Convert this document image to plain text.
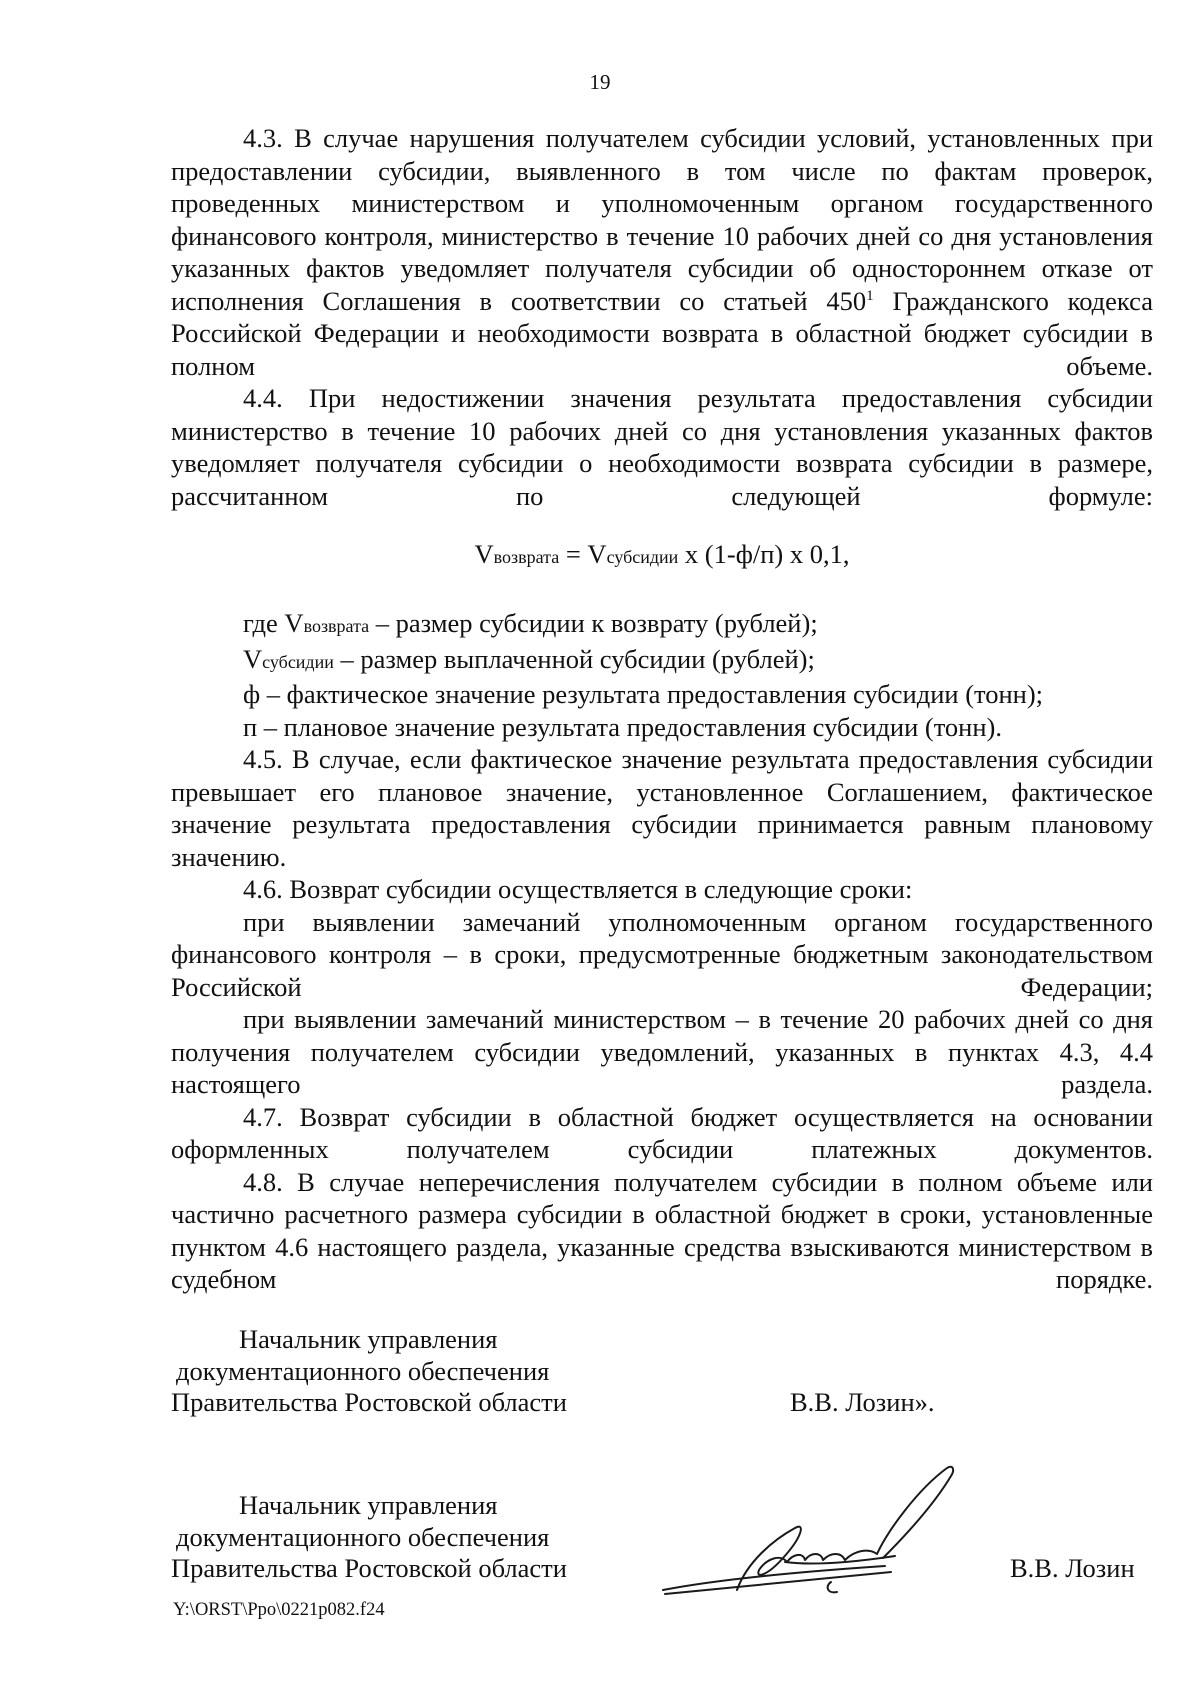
19

4.3. В случае нарушения получателем субсидии условий, установленных при предоставлении субсидии, выявленного в том числе по фактам проверок, проведенных министерством и уполномоченным органом государственного финансового контроля, министерство в течение 10 рабочих дней со дня установления указанных фактов уведомляет получателя субсидии об одностороннем отказе от исполнения Соглашения в соответствии со статьей $450^1$ Гражданского кодекса Российской Федерации и необходимости возврата в областной бюджет субсидии в полном объеме.

4.4. При недостижении значения результата предоставления субсидии министерство в течение 10 рабочих дней со дня установления указанных фактов уведомляет получателя субсидии о необходимости возврата субсидии в размере, рассчитанном по следующей формуле:

Vвозврата = Vсубсидии x (1-ф/п) x 0,1,
где Vвозврата – размер субсидии к возврату (рублей);
Vсубсидии – размер выплаченной субсидии (рублей);
ф – фактическое значение результата предоставления субсидии (тонн);
п – плановое значение результата предоставления субсидии (тонн).

4.5. В случае, если фактическое значение результата предоставления субсидии превышает его плановое значение, установленное Соглашением, фактическое значение результата предоставления субсидии принимается равным плановому значению.

4.6. Возврат субсидии осуществляется в следующие сроки:

при выявлении замечаний уполномоченным органом государственного финансового контроля – в сроки, предусмотренные бюджетным законодательством Российской Федерации;

при выявлении замечаний министерством – в течение 20 рабочих дней со дня получения получателем субсидии уведомлений, указанных в пунктах 4.3, 4.4 настоящего раздела.

4.7. Возврат субсидии в областной бюджет осуществляется на основании оформленных получателем субсидии платежных документов.

4.8. В случае неперечисления получателем субсидии в полном объеме или частично расчетного размера субсидии в областной бюджет в сроки, установленные пунктом 4.6 настоящего раздела, указанные средства взыскиваются министерством в судебном порядке.

Начальник управления
документационного обеспечения
Правительства Ростовской области	В.В. Лозин».
Начальник управления
документационного обеспечения
Правительства Ростовской области	В.В. Лозин
Y:\ORST\Ppo\0221p082.f24
